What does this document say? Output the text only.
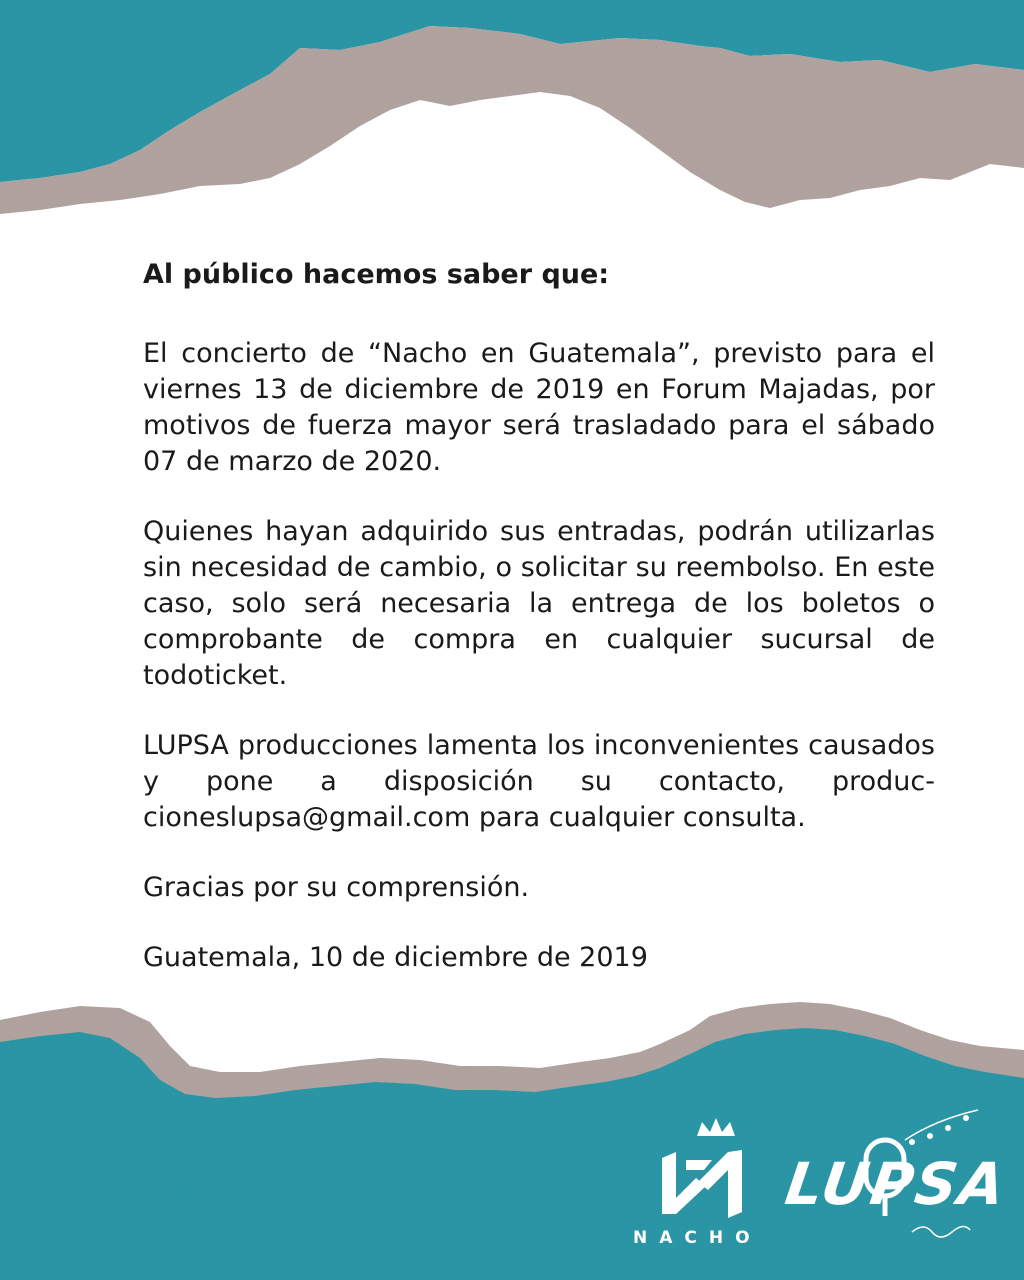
Al público hacemos saber que:

El concierto de “Nacho en Guatemala”, previsto para el viernes 13 de diciembre de 2019 en Forum Majadas, por motivos de fuerza mayor será trasladado para el sábado 07 de marzo de 2020.

Quienes hayan adquirido sus entradas, podrán utilizarlas sin necesidad de cambio, o solicitar su reembolso. En este caso, solo será necesaria la entrega de los boletos o comprobante de compra en cualquier sucursal de todoticket.

LUPSA producciones lamenta los inconvenientes causados y pone a disposición su contacto, produccioneslupsa@gmail.com para cualquier consulta.

Gracias por su comprensión.

Guatemala, 10 de diciembre de 2019

LUPSA
NACHO
